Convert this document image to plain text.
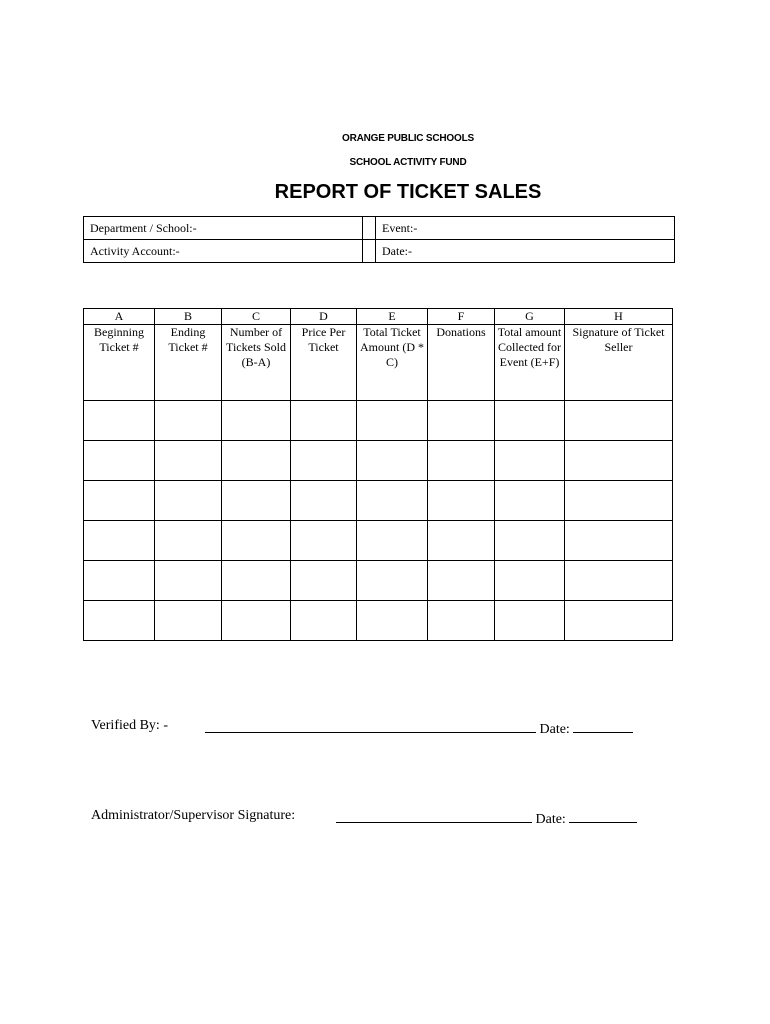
ORANGE PUBLIC SCHOOLS
SCHOOL ACTIVITY FUND
REPORT OF TICKET SALES
Department / School:-		Event:-
Activity Account:-		Date:-
A	B	C	D	E	F	G	H
Beginning Ticket #	Ending Ticket #	Number of Tickets Sold (B-A)	Price Per Ticket	Total Ticket Amount (D * C)	Donations	Total amount Collected for Event (E+F)	Signature of Ticket Seller

Verified By: -	Date:
Administrator/Supervisor Signature:	Date:
